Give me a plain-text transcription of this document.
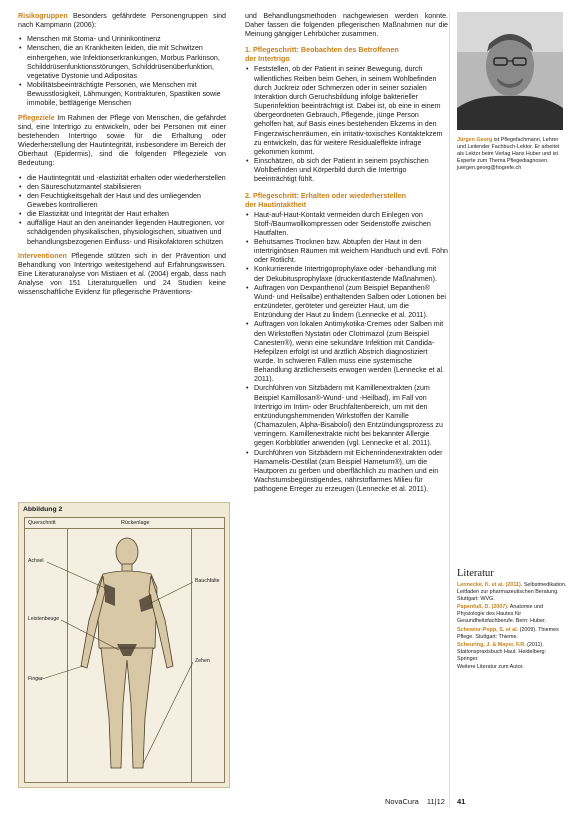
Risikogruppen Besonders gefährdete Personengruppen sind nach Kampmann (2006):

• Menschen mit Stoma- und Urininkontinenz
• Menschen, die an Krankheiten leiden, die mit Schwitzen einhergehen, wie Infektionserkrankungen, Morbus Parkinson, Schilddrüsenfunktionsstörungen, Schilddrüsenüberfunktion, vegetative Dystonie und Adipositas
• Mobilitätsbeeinträchtigte Personen, wie Menschen mit Bewusstlosigkeit, Lähmungen, Kontrakturen, Spastiken sowie immobile, bettlägerige Menschen

Pflegeziele Im Rahmen der Pflege von Menschen, die gefährdet sind, eine Intertrigo zu entwickeln, oder bei Personen mit einer bestehenden Intertrigo sowie für die Erhaltung oder Wiederherstellung der Hautintegrität, insbesondere im Bereich der Oberhaut (Epidermis), sind die folgenden Pflegeziele von Bedeutung:

• die Hautintegrität und -elastizität erhalten oder wiederherstellen
• den Säureschutzmantel stabilisieren
• den Feuchtigkeitsgehalt der Haut und des umliegenden Gewebes kontrollieren
• die Elastizität und Integrität der Haut erhalten
• auffällige Haut an den aneinander liegenden Hautregionen, vor schädigenden physikalischen, physiologischen, situativen und behandlungsbezogenen Einfluss- und Risikofaktoren schützen

Interventionen Pflegende stützen sich in der Prävention und Behandlung von Intertrigo weitestgehend auf Erfahrungswissen. Eine Literaturanalyse von Mistiaen et al. (2004) ergab, dass nach Analyse von 151 Literaturquellen und 24 Studien keine wissenschaftliche Evidenz für pflegerische Präventions-

Abbildung 2
Querschnitt	Rückenlage
Achsel
Leistenbeuge
Finger
Bauchfalte
Zehen

und Behandlungsmethoden nachgewiesen werden konnte. Daher fassen die folgenden pflegerischen Maßnahmen nur die Meinung gängiger Lehrbücher zusammen.

1. Pflegeschritt: Beobachten des Betroffenen
der Intertrigo
• Feststellen, ob der Patient in seiner Bewegung, durch willentliches Reiben beim Gehen, in seinem Wohlbefinden durch Juckreiz oder Schmerzen oder in seiner sozialen Interaktion durch Geruchsbildung infolge bakterieller Superinfektion beeinträchtigt ist. Dabei ist, ob eine in einem übergeordneten Gebrauch, Pflegende, jünge Person geholfen hat, auf Basis eines bestehenden Ekzems in den Fingerzwischenräumen, ein irritativ-toxisches Kontaktekzem zu entwickeln, das für weitere Residualeffekte infrage gekommen kommt.
• Einschätzen, ob sich der Patient in seinem psychischen Wohlbefinden und Körperbild durch die Intertrigo beeinträchtigt fühlt.
2. Pflegeschritt: Erhalten oder wiederherstellen
der Hautintaktheit
• Haut-auf-Haut-Kontakt vermeiden durch Einlegen von Stoff-/Baumwollkompressen oder Seidenstoffe zwischen Hautfalten.
• Behutsames Trocknen bzw. Abtupfen der Haut in den intertriginösen Räumen mit weichem Handtuch und evtl. Föhn oder Rotlicht.
• Konkurrierende Intertrigoprophylaxe oder -behandlung mit der Dekubitusprophylaxe (druckentlastende Maßnahmen).
• Auftragen von Dexpanthenol (zum Beispiel Bepanthen® Wund- und Heilsalbe) enthaltenden Salben oder Lotionen bei entzündeter, geröteter und gereizter Haut, um die Entzündung der Haut zu lindern (Lennecke et al. 2011).
• Auftragen von lokalen Antimykotika-Cremes oder Salben mit den Wirkstoffen Nystatin oder Clotrimazol (zum Beispiel Canesten®), wenn eine sekundäre Infektion mit Candida-Hefepilzen erfolgt ist und ärztlich Abstrich diagnostiziert wurde. In schweren Fällen muss eine systemische Behandlung ärztlicherseits erwogen werden (Lennecke et al. 2011).
• Durchführen von Sitzbädern mit Kamillenextrakten (zum Beispiel Kamillosan®-Wund- und -Heilbad), im Fall von Intertrigo im Intim- oder Bruchfaltenbereich, um mit den entzündungshemmenden Wirkstoffen der Kamille (Chamazulen, Alpha-Bisabolol) den Entzündungsprozess zu verringern. Kamillenextrakte nicht bei bekannter Allergie gegen Korbblütler anwenden (vgl. Lennecke et al. 2011).
• Durchführen von Sitzbädern mit Eichenrindenextrakten oder Hamamelis-Destillat (zum Beispiel Hametum®), um die Hautporen zu gerben und oberflächlich zu machen und ein Wachstumsbegünstigendes, nährstoffarmes Milieu für pathogene Erreger zu erzeugen (Lennecke et al. 2011).
Jürgen Georg ist Pflegefachmann, Lehrer und Leitender Fachbuch-Lektor. Er arbeitet als Lektor beim Verlag Hans Huber und ist Experte zum Thema Pflegediagnosen.
juergen.georg@hogrefe.ch
Literatur

Lennecke, K. et al. (2011). Selbstmedikation. Leitfaden zur pharmazeutischen Beratung. Stuttgart: WVG.

Papenfuß, D. (2007). Anatomie und Physiologie des Hautes für Gesundheitsfachberufe. Bern: Huber.

Schewior-Popp, S. et al. (2009). Thiemes Pflege. Stuttgart: Thieme.

Scheuring, J. & Mayer, F.R. (2011). Stationspraxisbuch Haut. Heidelberg: Springer.

Weitere Literatur zum Autor.

NovaCura 11|12 41
